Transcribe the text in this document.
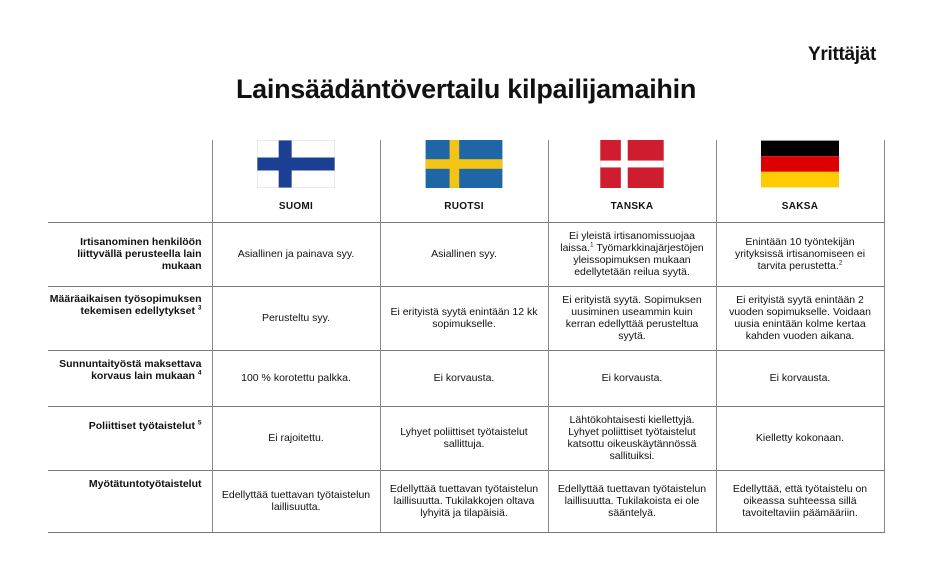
Yrittäjät
Lainsäädäntövertailu kilpailijamaihin

	SUOMI	RUOTSI	TANSKA	SAKSA

Irtisanominen henkilöön liittyvällä perusteella lain mukaan	Asiallinen ja painava syy.	Asiallinen syy.	Ei yleistä irtisanomissuojaa laissa.$^1$ Työmarkkinajärjestöjen yleissopimuksen mukaan edellytetään reilua syytä.	Enintään 10 työntekijän yrityksissä irtisanomiseen ei tarvita perustetta.$^2$
Määräaikaisen työsopimuksen tekemisen edellytykset $^3$	Perusteltu syy.	Ei erityistä syytä enintään 12 kk sopimukselle.	Ei erityistä syytä. Sopimuksen uusiminen useammin kuin kerran edellyttää perusteltua syytä.	Ei erityistä syytä enintään 2 vuoden sopimukselle. Voidaan uusia enintään kolme kertaa kahden vuoden aikana.
Sunnuntaityöstä maksettava korvaus lain mukaan $^4$	100 % korotettu palkka.	Ei korvausta.	Ei korvausta.	Ei korvausta.
Poliittiset työtaistelut $^5$	Ei rajoitettu.	Lyhyet poliittiset työtaistelut sallittuja.	Lähtökohtaisesti kiellettyjä. Lyhyet poliittiset työtaistelut katsottu oikeuskäytännössä sallituiksi.	Kielletty kokonaan.
Myötätuntotyötaistelut	Edellyttää tuettavan työtaistelun laillisuutta.	Edellyttää tuettavan työtaistelun laillisuutta. Tukilakkojen oltava lyhyitä ja tilapäisiä.	Edellyttää tuettavan työtaistelun laillisuutta. Tukilakoista ei ole sääntelyä.	Edellyttää, että työtaistelu on oikeassa suhteessa sillä tavoiteltaviin päämääriin.
